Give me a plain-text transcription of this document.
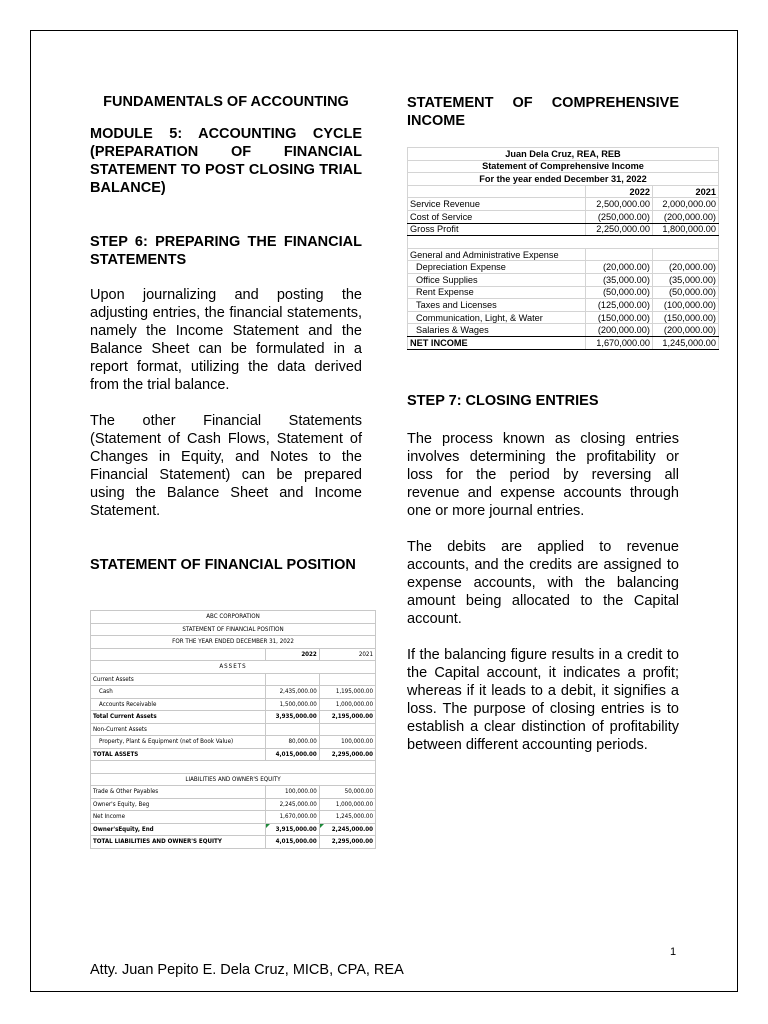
FUNDAMENTALS OF ACCOUNTING

MODULE 5: ACCOUNTING CYCLE (PREPARATION OF FINANCIAL STATEMENT TO POST CLOSING TRIAL BALANCE)

STEP 6: PREPARING THE FINANCIAL STATEMENTS

Upon journalizing and posting the adjusting entries, the financial statements, namely the Income Statement and the Balance Sheet can be formulated in a report format, utilizing the data derived from the trial balance.

The other Financial Statements (Statement of Cash Flows, Statement of Changes in Equity, and Notes to the Financial Statement) can be prepared using the Balance Sheet and Income Statement.

STATEMENT OF FINANCIAL POSITION

STATEMENT OF COMPREHENSIVE INCOME

STEP 7: CLOSING ENTRIES

The process known as closing entries involves determining the profitability or loss for the period by reversing all revenue and expense accounts through one or more journal entries.

The debits are applied to revenue accounts, and the credits are assigned to expense accounts, with the balancing amount being allocated to the Capital account.

If the balancing figure results in a credit to the Capital account, it indicates a profit; whereas if it leads to a debit, it signifies a loss. The purpose of closing entries is to establish a clear distinction of profitability between different accounting periods.

Juan Dela Cruz, REA, REB		
Statement of Comprehensive Income		
For the year ended December 31, 2022		
	2022	2021
Service Revenue	2,500,000.00	2,000,000.00
Cost of Service	(250,000.00)	(200,000.00)
Gross Profit	2,250,000.00	1,800,000.00

General and Administrative Expense		
Depreciation Expense	(20,000.00)	(20,000.00)
Office Supplies	(35,000.00)	(35,000.00)
Rent Expense	(50,000.00)	(50,000.00)
Taxes and Licenses	(125,000.00)	(100,000.00)
Communication, Light, & Water	(150,000.00)	(150,000.00)
Salaries & Wages	(200,000.00)	(200,000.00)
NET INCOME	1,670,000.00	1,245,000.00
ABC CORPORATION		
STATEMENT OF FINANCIAL POSITION		
FOR THE YEAR ENDED DECEMBER 31, 2022		
	2022	2021
ASSETS		
Current Assets		
Cash	2,435,000.00	1,195,000.00
Accounts Receivable	1,500,000.00	1,000,000.00
Total Current Assets	3,935,000.00	2,195,000.00
Non-Current Assets		
Property, Plant & Equipment (net of Book Value)	80,000.00	100,000.00
TOTAL ASSETS	4,015,000.00	2,295,000.00

LIABILITIES AND OWNER'S EQUITY		
Trade & Other Payables	100,000.00	50,000.00
Owner's Equity, Beg	2,245,000.00	1,000,000.00
Net Income	1,670,000.00	1,245,000.00
Owner'sEquity, End	3,915,000.00	2,245,000.00
TOTAL LIABILITIES AND OWNER'S EQUITY	4,015,000.00	2,295,000.00
1
Atty. Juan Pepito E. Dela Cruz, MICB, CPA, REA
